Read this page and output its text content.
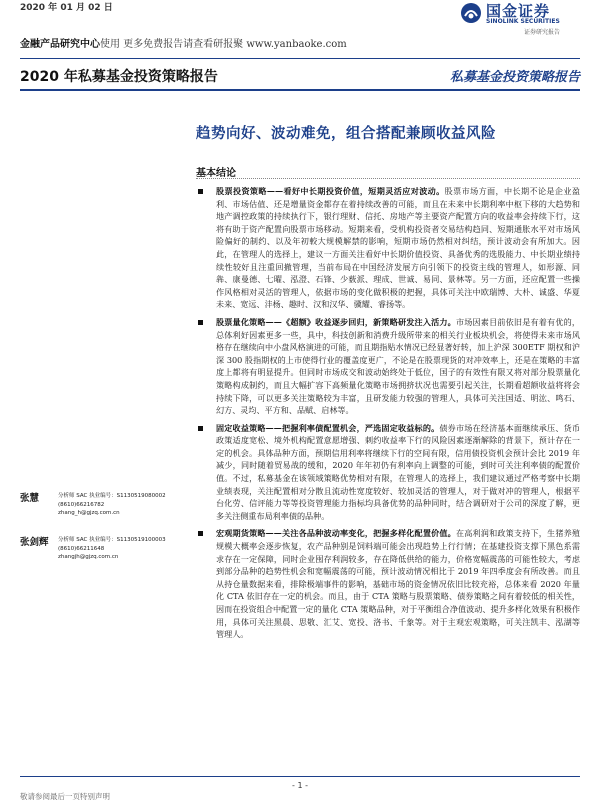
2020 年 01 月 02 日	国金证券
SINOLINK SECURITIES
证券研究报告
金融产品研究中心使用 更多免费报告请查看研报聚 www.yanbaoke.com
2020 年私募基金投资策略报告	私募基金投资策略报告
趋势向好、波动难免，组合搭配兼顾收益风险
基本结论
股票投资策略——看好中长期投资价值，短期灵活应对波动。股票市场方面，中长期不论是企业盈利、市场估值、还是增量资金都存在着持续改善的可能，而且在未来中长期利率中枢下移的大趋势和地产调控政策的持续执行下，银行理财、信托、房地产等主要资产配置方向的收益率会持续下行，这将有助于资产配置向股票市场移动。短期来看，受机构投资者交易结构趋同、短期通胀水平对市场风险偏好的制约、以及年初較大规模解禁的影响，短期市场仍然相对纠结，预计波动会有所加大。因此，在管理人的选择上，建议一方面关注看好中长期价值投资、具备优秀的选股能力、中长期业绩持续性较好且注重回撤管理，当前布局在中国经济发展方向引领下的投资主线的管理人，如形源、同犇、康曼德、七曜、泓澄、石锋、少薮派、理成、世诚、易同、景林等。另一方面，还应配置一些操作风格相对灵活的管理人，依据市场的变化做积极的把握，具体可关注中欧瑞博、大朴、诚盛、华夏未来、宽远、沣杨、趣时、汉和汉华、骥耀、睿扬等。
股票量化策略——《超额》收益逐步回归，新策略研发注入活力。市场因素目前依旧是有着有优的，总体利好因素更多一些，具中，科技创新和消费升级所带来的相关行业板块机会，将使得未来市场风格存在继续向中小盘风格演进的可能，而且期指贴水情况已经显著好转，加上沪深 300ETF 期权和沪深 300 股指期权的上市使得行业的覆盖度更广，不论是在股票现货的对冲效率上，还是在策略的丰富度上都将有明显提升。但同时市场成交和波动始终处于低位，国子的有效性有限又将对部分股票量化策略构成制约，而且大幅扩容下高频量化策略市场拥挤状况也需要引起关注，长期看超额收益将将会持续下降，可以更多关注策略较为丰富，且研发能力较强的管理人，具体可关注国适、明汯、鸣石、幻方、灵均、平方和、品赋、启林等。
固定收益策略——把握利率债配置机会，严选固定收益标的。债券市场在经济基本面继续承压、货币政策适度宽松、境外机构配置意愿增强、刺约收益率下行的风险因素逐渐解除的背景下，预计存在一定的机会。具体品种方面，预期信用利率将继续下行的空间有限，信用债投资机会预计会比 2019 年减少，同时随着贸易战的缓和，2020 年年初仍有利率向上调整的可能，到时可关注利率债的配置价值。不过，私募基金在该领域策略优势相对有限，在管理人的选择上，我们建议通过严格考察中长期业绩表现，关注配置相对分散且流动性宽度较好、较加灵活的管理人，对于做对冲的管理人，根据平台化劳、信评能力等等投资管理能力指标均具备优势的品种同时，结合调研对于公司的深度了解，更多关注侧重布局利率债的品种。
宏观期货策略——关注各品种波动率变化，把握多样化配置价值。在高利润和政策支持下，生猪养殖规模大概率会逐步恢复，农产品种别是饲料端可能会出现趋势上行行情；在基建投资支撑下黑色系需求存在一定保障，同时企业囤存利润较多，存在降低供给的能力，价格宽幅震荡的可能性较大，考虑到部分品种的趋势性机会和宽幅震荡的可能，预计波动情况相比于 2019 年四季度会有所改善。而且从持仓量数据来看，排除极端事件的影响，基础市场的资金情况依旧比较充裕，总体来看 2020 年量化 CTA 依旧存在一定的机会。而且，由于 CTA 策略与股票策略、债券策略之间有着较低的相关性，因而在投资组合中配置一定的量化 CTA 策略品种，对于平衡组合净值波动、提升多样化效果有积极作用，具体可关注黑晨、思敬、汇艾、宽投、洛书、千象等。对于主观宏观策略，可关注凯丰、泓湖等管理人。
张慧	分析师 SAC 执业编号：S1130519080002
(8610)66216782
zhang_h@gjzq.com.cn
张剑辉 分析师 SAC 执业编号：S1130519100003
(8610)66211648
zhangjh@gjzq.com.cn
- 1 -
敬请参阅最后一页特别声明
